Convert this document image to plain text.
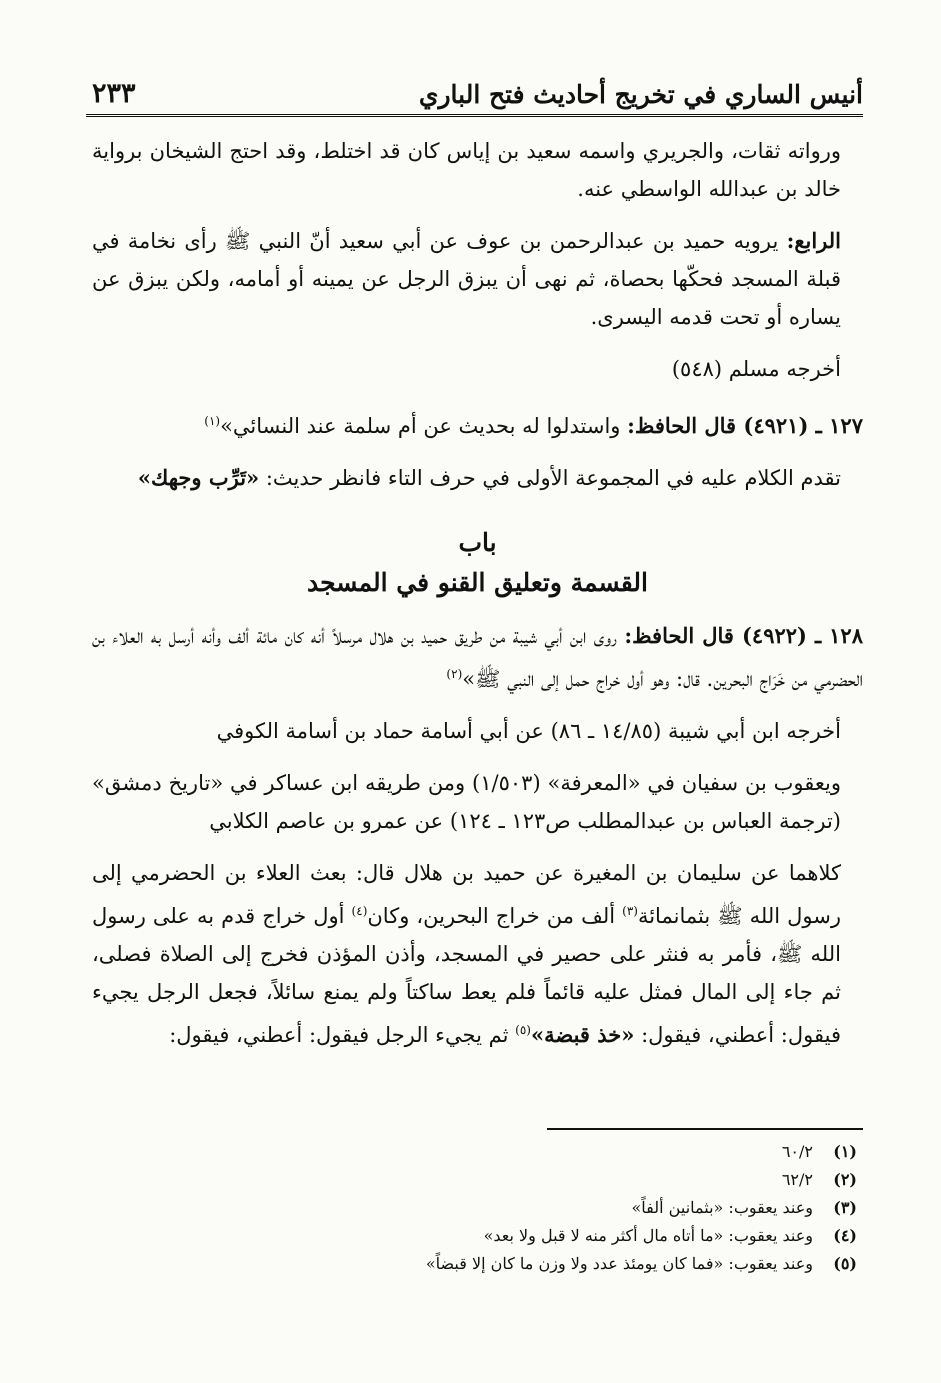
أنيس الساري في تخريج أحاديث فتح الباري
٢٣٣

ورواته ثقات، والجريري واسمه سعيد بن إياس كان قد اختلط، وقد احتج الشيخان برواية خالد بن عبدالله الواسطي عنه.

الرابع: يرويه حميد بن عبدالرحمن بن عوف عن أبي سعيد أنّ النبي ﷺ رأى نخامة في قبلة المسجد فحكّها بحصاة، ثم نهى أن يبزق الرجل عن يمينه أو أمامه، ولكن يبزق عن يساره أو تحت قدمه اليسرى.

أخرجه مسلم (٥٤٨)

١٢٧ ـ (٤٩٢١) قال الحافظ: واستدلوا له بحديث عن أم سلمة عند النسائي»$^{(١)}$

تقدم الكلام عليه في المجموعة الأولى في حرف التاء فانظر حديث: «تَرِّب وجهك»

باب

القسمة وتعليق القنو في المسجد

١٢٨ ـ (٤٩٢٢) قال الحافظ: روى ابن أبي شيبة من طريق حميد بن هلال مرسلاً أنه كان مائة ألف وأنه أرسل به العلاء بن الحضرمي من خَرَاج البحرين. قال: وهو أول خراج حمل إلى النبي ﷺ»$^{(٢)}$

أخرجه ابن أبي شيبة (١٤/٨٥ ـ ٨٦) عن أبي أسامة حماد بن أسامة الكوفي

ويعقوب بن سفيان في «المعرفة» (١/٥٠٣) ومن طريقه ابن عساكر في «تاريخ دمشق» (ترجمة العباس بن عبدالمطلب ص١٢٣ ـ ١٢٤) عن عمرو بن عاصم الكلابي

كلاهما عن سليمان بن المغيرة عن حميد بن هلال قال: بعث العلاء بن الحضرمي إلى رسول الله ﷺ بثمانمائة$^{(٣)}$ ألف من خراج البحرين، وكان$^{(٤)}$ أول خراج قدم به على رسول الله ﷺ، فأمر به فنثر على حصير في المسجد، وأذن المؤذن فخرج إلى الصلاة فصلى، ثم جاء إلى المال فمثل عليه قائماً فلم يعط ساكتاً ولم يمنع سائلاً، فجعل الرجل يجيء فيقول: أعطني، فيقول: «خذ قبضة»$^{(٥)}$ ثم يجيء الرجل فيقول: أعطني، فيقول:

(١)٦٠/٢
(٢)٦٢/٢
(٣)وعند يعقوب: «بثمانين ألفاً»
(٤)وعند يعقوب: «ما أتاه مال أكثر منه لا قبل ولا بعد»
(٥)وعند يعقوب: «فما كان يومئذ عدد ولا وزن ما كان إلا قبضاً»
